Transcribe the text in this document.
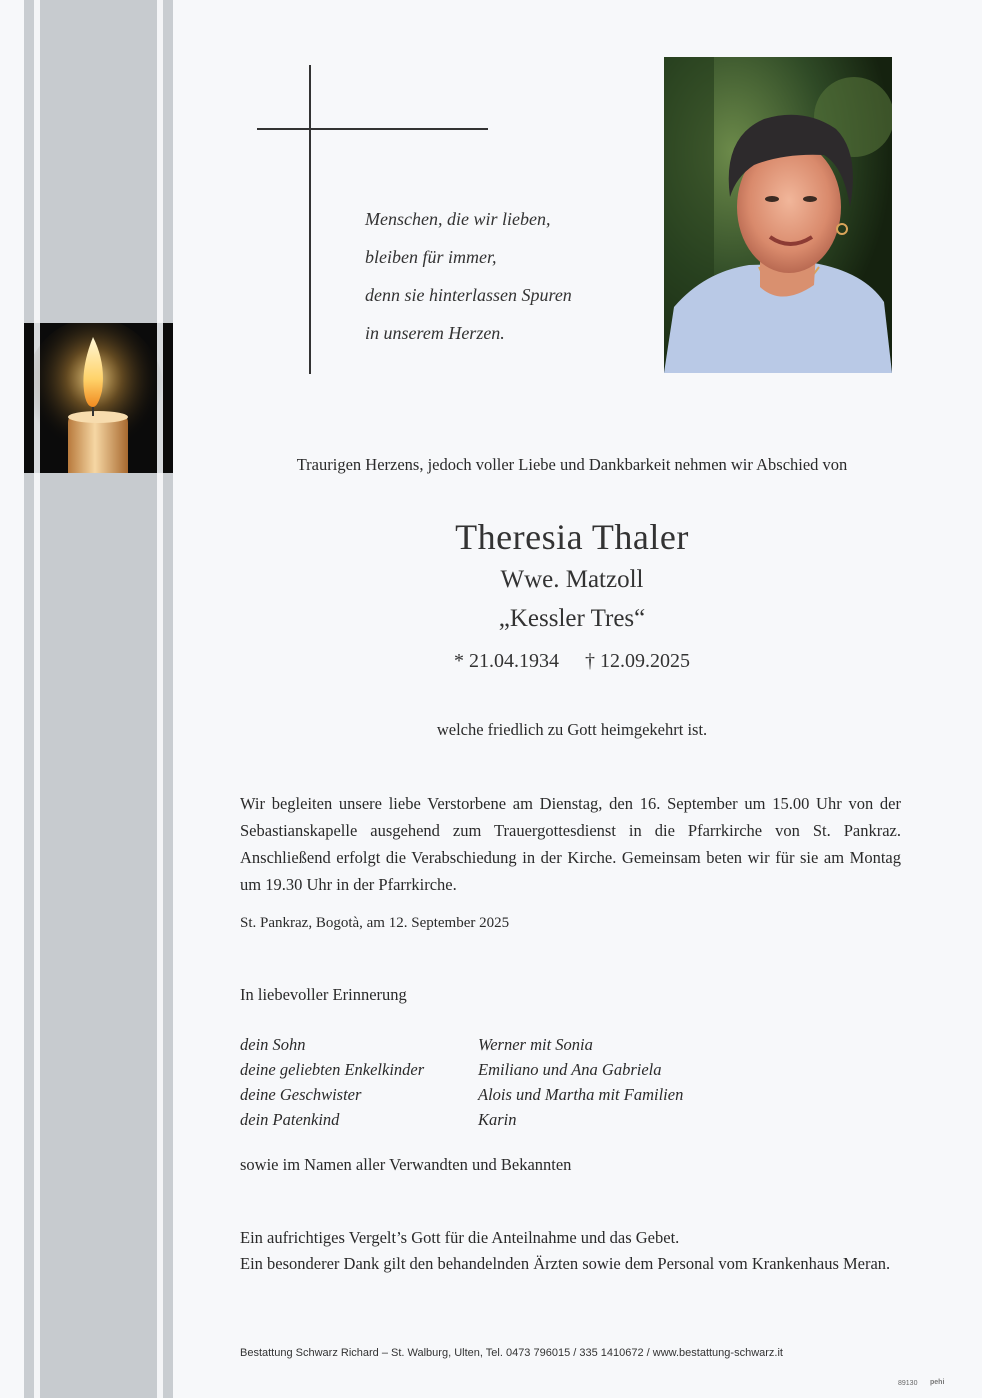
Menschen, die wir lieben,
bleiben für immer,
denn sie hinterlassen Spuren
in unserem Herzen.
Traurigen Herzens, jedoch voller Liebe und Dankbarkeit nehmen wir Abschied von
Theresia Thaler
Wwe. Matzoll
„Kessler Tres“
* 21.04.1934 † 12.09.2025
welche friedlich zu Gott heimgekehrt ist.

Wir begleiten unsere liebe Verstorbene am Dienstag, den 16. September um 15.00 Uhr von der Sebastianskapelle ausgehend zum Trauergottesdienst in die Pfarrkirche von St. Pankraz. Anschließend erfolgt die Verabschiedung in der Kirche. Gemeinsam beten wir für sie am Montag um 19.30 Uhr in der Pfarrkirche.

St. Pankraz, Bogotà, am 12. September 2025
In liebevoller Erinnerung
dein Sohn	Werner mit Sonia
deine geliebten Enkelkinder	Emiliano und Ana Gabriela
deine Geschwister	Alois und Martha mit Familien
dein Patenkind	Karin
sowie im Namen aller Verwandten und Bekannten

Ein aufrichtiges Vergelt’s Gott für die Anteilnahme und das Gebet.

Ein besonderer Dank gilt den behandelnden Ärzten sowie dem Personal vom Krankenhaus Meran.

Bestattung Schwarz Richard – St. Walburg, Ulten, Tel. 0473 796015 / 335 1410672 / www.bestattung-schwarz.it
89130 pehi
